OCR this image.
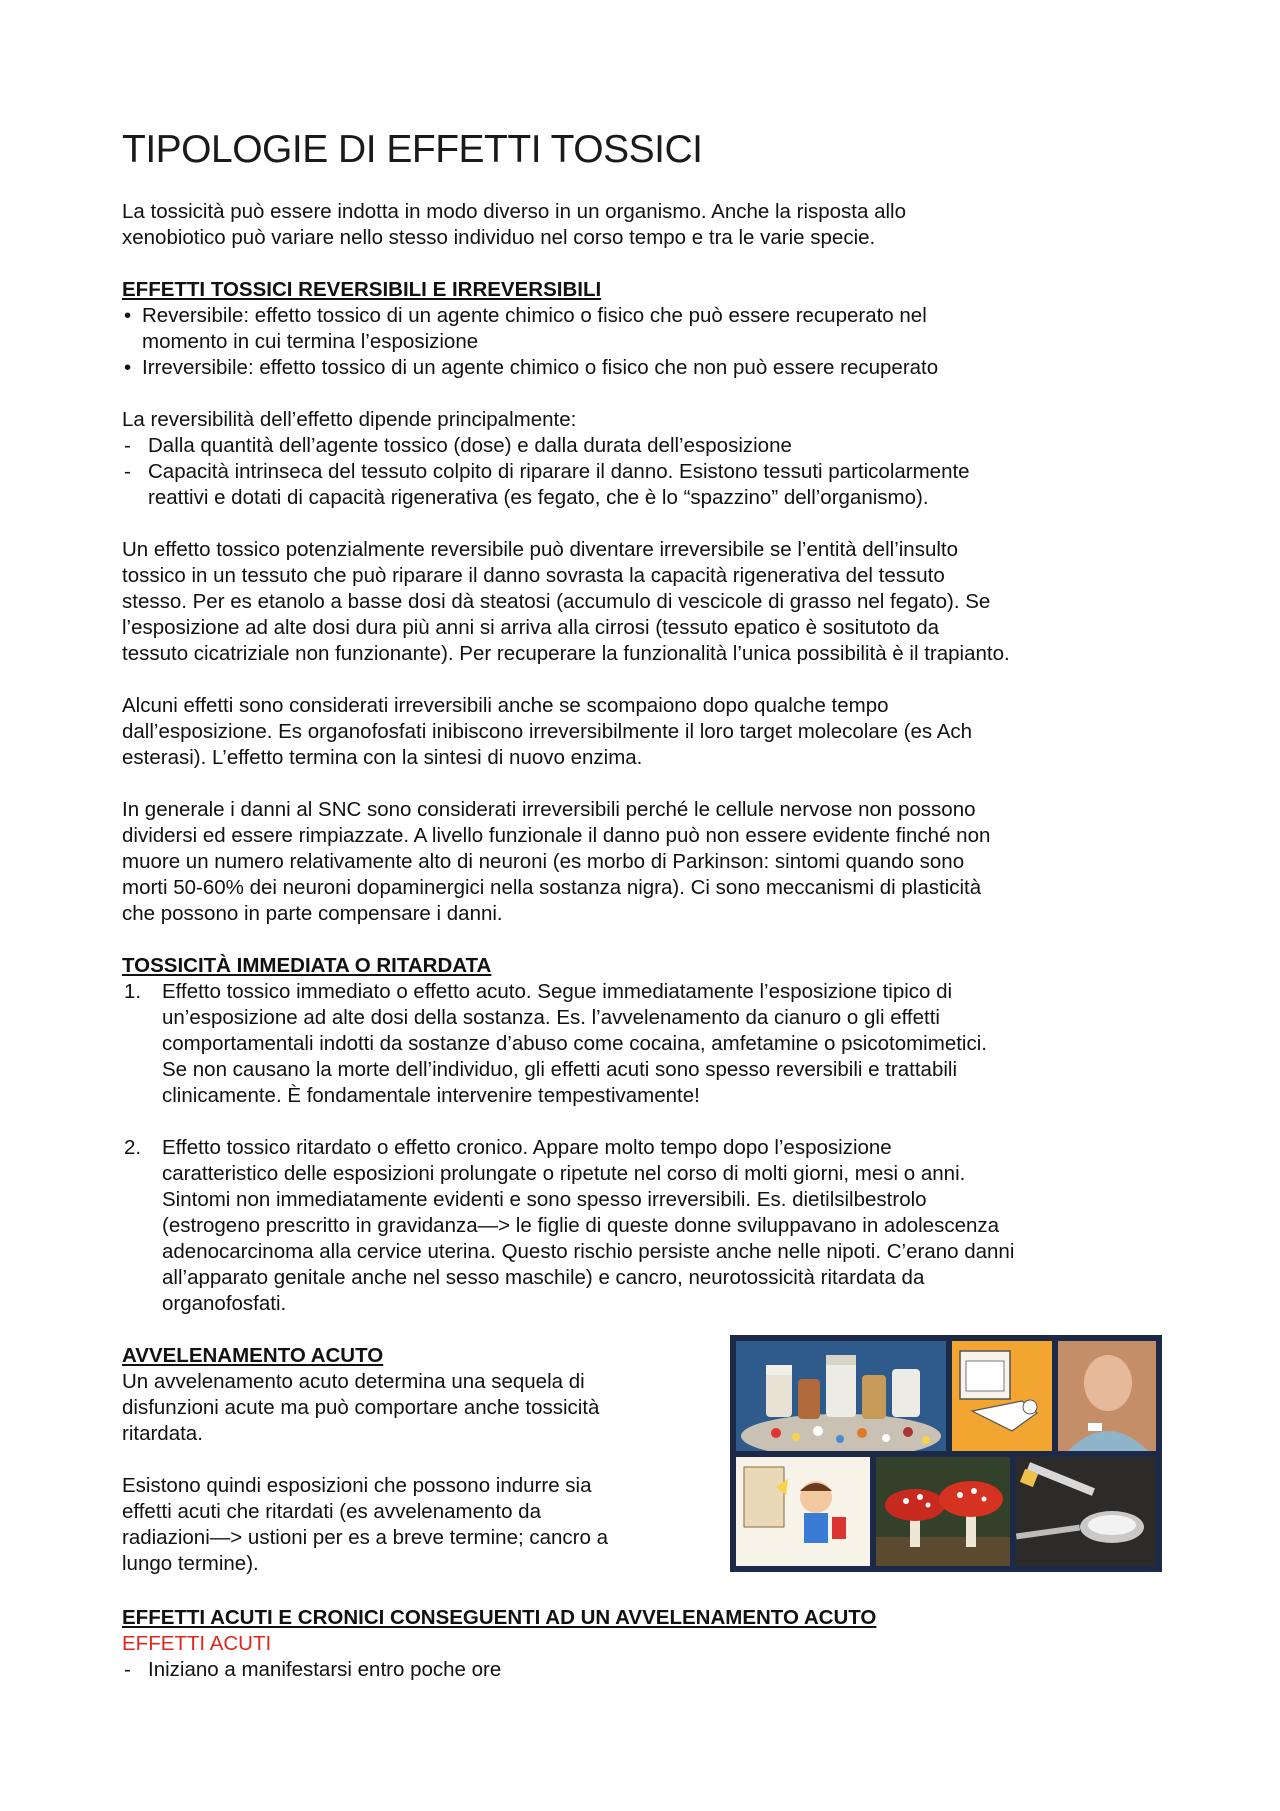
TIPOLOGIE DI EFFETTI TOSSICI

La tossicità può essere indotta in modo diverso in un organismo. Anche la risposta allo
xenobiotico può variare nello stesso individuo nel corso tempo e tra le varie specie.

EFFETTI TOSSICI REVERSIBILI E IRREVERSIBILI

• Reversibile: effetto tossico di un agente chimico o fisico che può essere recuperato nel
momento in cui termina l’esposizione
• Irreversibile: effetto tossico di un agente chimico o fisico che non può essere recuperato

La reversibilità dell’effetto dipende principalmente:

- Dalla quantità dell’agente tossico (dose) e dalla durata dell’esposizione
- Capacità intrinseca del tessuto colpito di riparare il danno. Esistono tessuti particolarmente
reattivi e dotati di capacità rigenerativa (es fegato, che è lo “spazzino” dell’organismo).

Un effetto tossico potenzialmente reversibile può diventare irreversibile se l’entità dell’insulto
tossico in un tessuto che può riparare il danno sovrasta la capacità rigenerativa del tessuto
stesso. Per es etanolo a basse dosi dà steatosi (accumulo di vescicole di grasso nel fegato). Se
l’esposizione ad alte dosi dura più anni si arriva alla cirrosi (tessuto epatico è sositutoto da
tessuto cicatriziale non funzionante). Per recuperare la funzionalità l’unica possibilità è il trapianto.

Alcuni effetti sono considerati irreversibili anche se scompaiono dopo qualche tempo
dall’esposizione. Es organofosfati inibiscono irreversibilmente il loro target molecolare (es Ach
esterasi). L’effetto termina con la sintesi di nuovo enzima.

In generale i danni al SNC sono considerati irreversibili perché le cellule nervose non possono
dividersi ed essere rimpiazzate. A livello funzionale il danno può non essere evidente finché non
muore un numero relativamente alto di neuroni (es morbo di Parkinson: sintomi quando sono
morti 50-60% dei neuroni dopaminergici nella sostanza nigra). Ci sono meccanismi di plasticità
che possono in parte compensare i danni.

TOSSICITÀ IMMEDIATA O RITARDATA

1. Effetto tossico immediato o effetto acuto. Segue immediatamente l’esposizione tipico di
un’esposizione ad alte dosi della sostanza. Es. l’avvelenamento da cianuro o gli effetti
comportamentali indotti da sostanze d’abuso come cocaina, amfetamine o psicotomimetici.
Se non causano la morte dell’individuo, gli effetti acuti sono spesso reversibili e trattabili
clinicamente. È fondamentale intervenire tempestivamente!
2. Effetto tossico ritardato o effetto cronico. Appare molto tempo dopo l’esposizione
caratteristico delle esposizioni prolungate o ripetute nel corso di molti giorni, mesi o anni.
Sintomi non immediatamente evidenti e sono spesso irreversibili. Es. dietilsilbestrolo
(estrogeno prescritto in gravidanza—> le figlie di queste donne sviluppavano in adolescenza
adenocarcinoma alla cervice uterina. Questo rischio persiste anche nelle nipoti. C’erano danni
all’apparato genitale anche nel sesso maschile) e cancro, neurotossicità ritardata da
organofosfati.

AVVELENAMENTO ACUTO

Un avvelenamento acuto determina una sequela di
disfunzioni acute ma può comportare anche tossicità
ritardata.

Esistono quindi esposizioni che possono indurre sia
effetti acuti che ritardati (es avvelenamento da
radiazioni—> ustioni per es a breve termine; cancro a
lungo termine).

EFFETTI ACUTI E CRONICI CONSEGUENTI AD UN AVVELENAMENTO ACUTO

EFFETTI ACUTI

- Iniziano a manifestarsi entro poche ore
